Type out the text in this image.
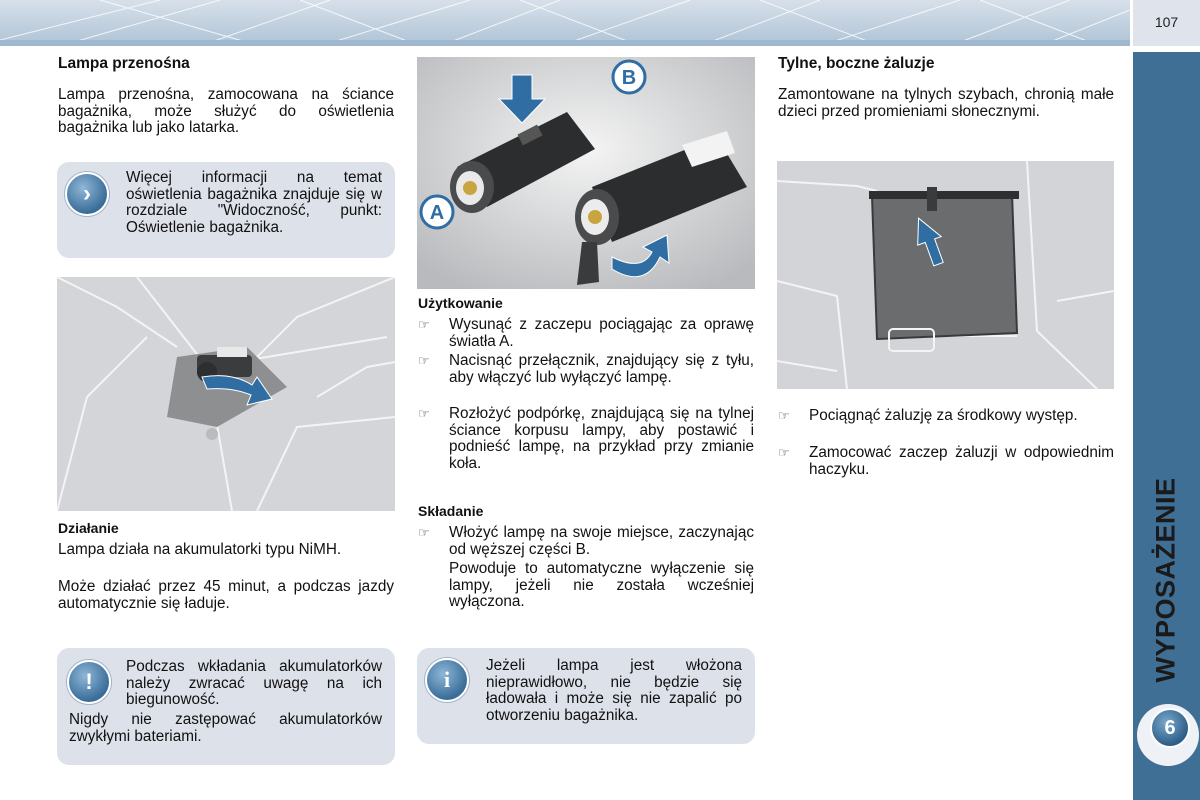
107
WYPOSAŻENIE
6
Lampa przenośna

Lampa przenośna, zamocowana na ściance bagażnika, może służyć do oświetlenia bagażnika lub jako latarka.

›

Więcej informacji na temat oświetlenia bagażnika znajduje się w rozdziale "Widoczność, punkt: Oświetlenie bagażnika.

Działanie

Lampa działa na akumulatorki typu NiMH.

Może działać przez 45 minut, a podczas jazdy automatycznie się ładuje.

!

Podczas wkładania akumulatorków należy zwracać uwagę na ich biegunowość.

Nigdy nie zastępować akumulatorków zwykłymi bateriami.

A
B

Użytkowanie

☞ Wysunąć z zaczepu pociągając za oprawę światła A.
☞ Nacisnąć przełącznik, znajdujący się z tyłu, aby włączyć lub wyłączyć lampę.
☞ Rozłożyć podpórkę, znajdującą się na tylnej ściance korpusu lampy, aby postawić i podnieść lampę, na przykład przy zmianie koła.

Składanie

☞ Włożyć lampę na swoje miejsce, zaczynając od węższej części B.
Powoduje to automatyczne wyłączenie się lampy, jeżeli nie została wcześniej wyłączona.
i

Jeżeli lampa jest włożona nieprawidłowo, nie będzie się ładowała i może się nie zapalić po otworzeniu bagażnika.

Tylne, boczne żaluzje

Zamontowane na tylnych szybach, chronią małe dzieci przed promieniami słonecznymi.

☞ Pociągnąć żaluzję za środkowy występ.
☞ Zamocować zaczep żaluzji w odpowiednim haczyku.
